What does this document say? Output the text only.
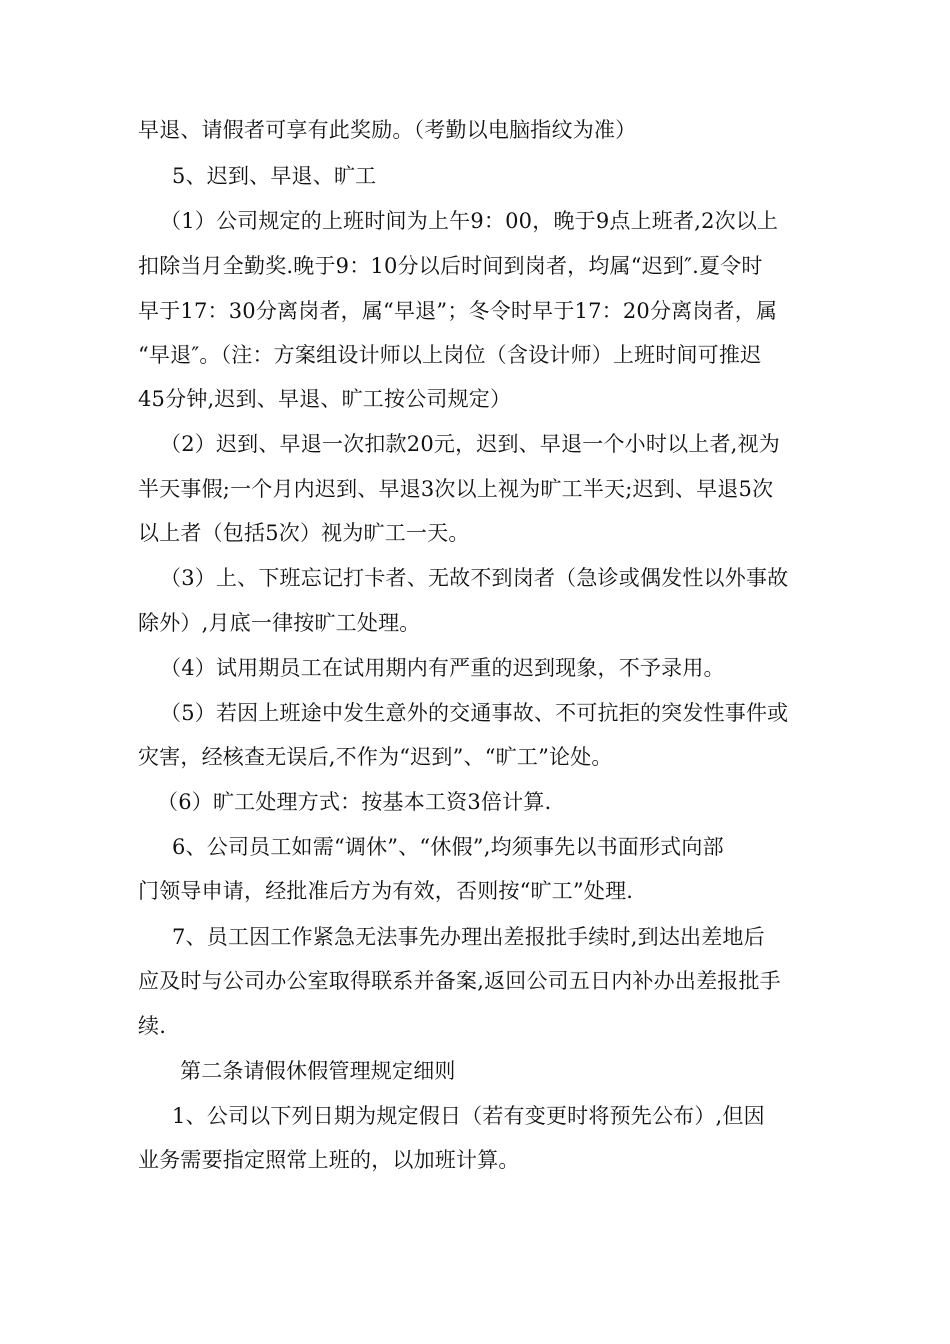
早退、请假者可享有此奖励。（考勤以电脑指纹为准）
5、迟到、早退、旷工
（1）公司规定的上班时间为上午9：00，晚于9点上班者,2次以上
扣除当月全勤奖.晚于9：10分以后时间到岗者，均属“迟到″.夏令时
早于17：30分离岗者，属“早退”；冬令时早于17：20分离岗者，属
“早退″。（注：方案组设计师以上岗位（含设计师）上班时间可推迟
45分钟,迟到、早退、旷工按公司规定）
（2）迟到、早退一次扣款20元，迟到、早退一个小时以上者,视为
半天事假;一个月内迟到、早退3次以上视为旷工半天;迟到、早退5次
以上者（包括5次）视为旷工一天。
（3）上、下班忘记打卡者、无故不到岗者（急诊或偶发性以外事故
除外）,月底一律按旷工处理。
（4）试用期员工在试用期内有严重的迟到现象，不予录用。
（5）若因上班途中发生意外的交通事故、不可抗拒的突发性事件或
灾害，经核查无误后,不作为“迟到”、“旷工”论处。
（6）旷工处理方式：按基本工资3倍计算.
6、公司员工如需“调休”、“休假”,均须事先以书面形式向部
门领导申请，经批准后方为有效，否则按“旷工”处理.
7、员工因工作紧急无法事先办理出差报批手续时,到达出差地后
应及时与公司办公室取得联系并备案,返回公司五日内补办出差报批手
续.
第二条请假休假管理规定细则
1、公司以下列日期为规定假日（若有变更时将预先公布）,但因
业务需要指定照常上班的，以加班计算。
